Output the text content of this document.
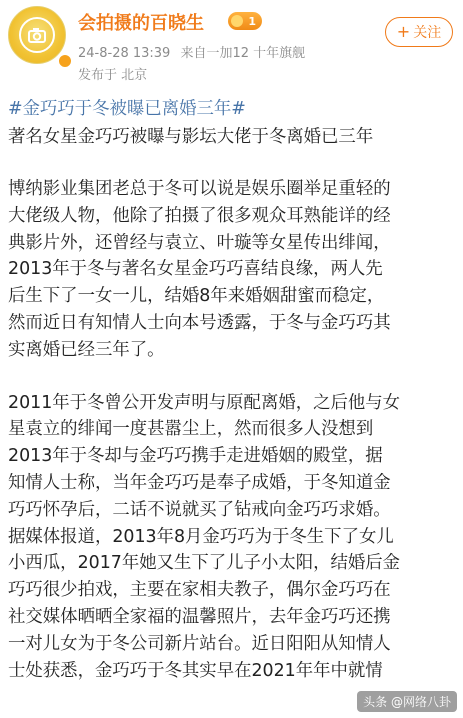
会拍摄的百晓生	1
24-8-28 13:39 来自一加12 十年旗舰
发布于 北京
+ 关注
#金巧巧于冬被曝已离婚三年#
著名女星金巧巧被曝与影坛大佬于冬离婚已三年
博纳影业集团老总于冬可以说是娱乐圈举足重轻的
大佬级人物，他除了拍摄了很多观众耳熟能详的经
典影片外，还曾经与袁立、叶璇等女星传出绯闻，
2013年于冬与著名女星金巧巧喜结良缘，两人先
后生下了一女一儿，结婚8年来婚姻甜蜜而稳定，
然而近日有知情人士向本号透露，于冬与金巧巧其
实离婚已经三年了。
2011年于冬曾公开发声明与原配离婚，之后他与女
星袁立的绯闻一度甚嚣尘上，然而很多人没想到
2013年于冬却与金巧巧携手走进婚姻的殿堂，据
知情人士称，当年金巧巧是奉子成婚，于冬知道金
巧巧怀孕后，二话不说就买了钻戒向金巧巧求婚。
据媒体报道，2013年8月金巧巧为于冬生下了女儿
小西瓜，2017年她又生下了儿子小太阳，结婚后金
巧巧很少拍戏，主要在家相夫教子，偶尔金巧巧在
社交媒体晒晒全家福的温馨照片，去年金巧巧还携
一对儿女为于冬公司新片站台。近日阳阳从知情人
士处获悉，金巧巧于冬其实早在2021年年中就情
头条 @网络八卦
